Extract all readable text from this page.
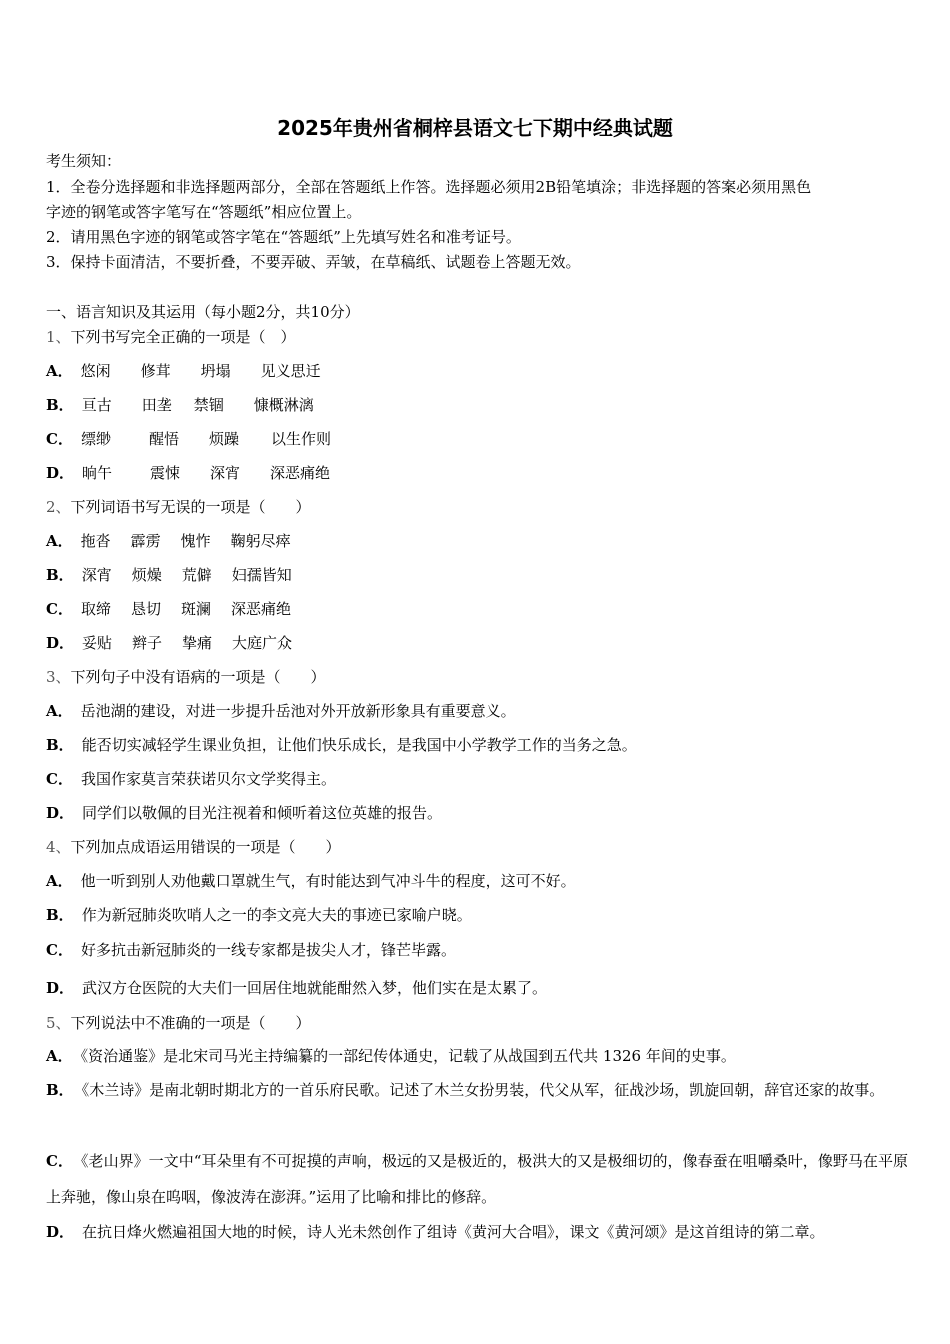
2025年贵州省桐梓县语文七下期中经典试题
考生须知：
1．全卷分选择题和非选择题两部分，全部在答题纸上作答。选择题必须用2B铅笔填涂；非选择题的答案必须用黑色
字迹的钢笔或答字笔写在“答题纸”相应位置上。
2．请用黑色字迹的钢笔或答字笔在“答题纸”上先填写姓名和准考证号。
3．保持卡面清洁，不要折叠，不要弄破、弄皱，在草稿纸、试题卷上答题无效。
一、语言知识及其运用（每小题2分，共10分）
1、下列书写完全正确的一项是（　）
A． 悠闲 修茸 坍塌 见义思迁
B． 亘古 田垄 禁锢 慷概淋漓
C． 缥缈	醒悟 烦躁 以生作则
D． 晌午	震悚 深宵 深恶痛绝
2、下列词语书写无误的一项是（　　）
A． 拖沓 霹雳 愧怍 鞠躬尽瘁
B． 深宵 烦燥 荒僻 妇孺皆知
C． 取缔 恳切 斑澜 深恶痛绝
D． 妥贴 辫子 挚痛 大庭广众
3、下列句子中没有语病的一项是（　　）
A． 岳池湖的建设，对进一步提升岳池对外开放新形象具有重要意义。
B． 能否切实减轻学生课业负担，让他们快乐成长，是我国中小学教学工作的当务之急。
C． 我国作家莫言荣获诺贝尔文学奖得主。
D． 同学们以敬佩的目光注视着和倾听着这位英雄的报告。
4、下列加点成语运用错误的一项是（　　）
A． 他一听到别人劝他戴口罩就生气，有时能达到气冲斗牛的程度，这可不好。
B． 作为新冠肺炎吹哨人之一的李文亮大夫的事迹已家喻户晓。
C． 好多抗击新冠肺炎的一线专家都是拔尖人才，锋芒毕露。
D． 武汉方仓医院的大夫们一回居住地就能酣然入梦，他们实在是太累了。
5、下列说法中不准确的一项是（　　）
A． 《资治通鉴》是北宋司马光主持编纂的一部纪传体通史，记载了从战国到五代共 1326 年间的史事。
B． 《木兰诗》是南北朝时期北方的一首乐府民歌。记述了木兰女扮男装，代父从军，征战沙场，凯旋回朝，辞官还家的故事。
C． 《老山界》一文中“耳朵里有不可捉摸的声响，极远的又是极近的，极洪大的又是极细切的，像春蚕在咀嚼桑叶，像野马在平原上奔驰，像山泉在呜咽，像波涛在澎湃。”运用了比喻和排比的修辞。
D． 在抗日烽火燃遍祖国大地的时候，诗人光未然创作了组诗《黄河大合唱》，课文《黄河颂》是这首组诗的第二章。
